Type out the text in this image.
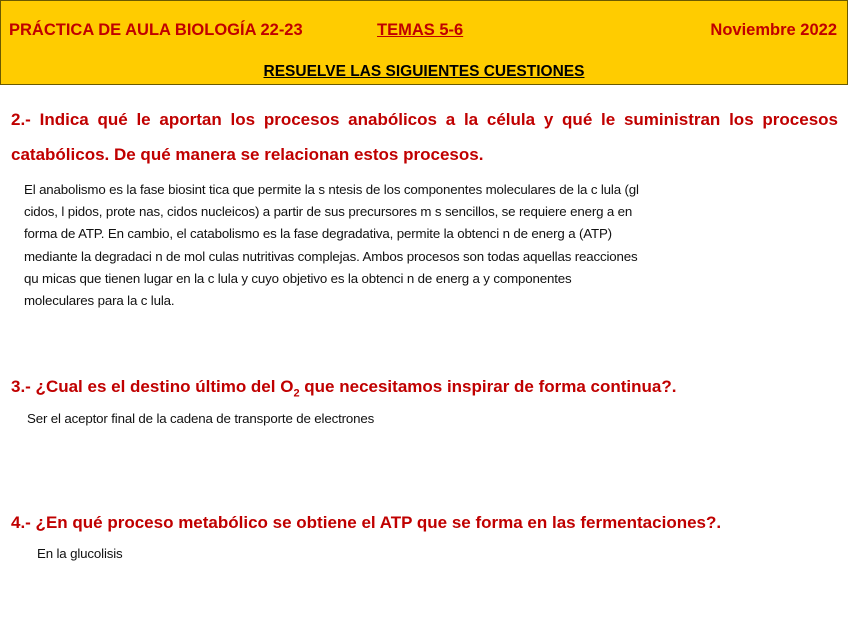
PRÁCTICA DE AULA BIOLOGÍA 22-23	TEMAS 5-6	Noviembre 2022
RESUELVE LAS SIGUIENTES CUESTIONES
2.- Indica qué le aportan los procesos anabólicos a la célula y qué le suministran los procesos catabólicos. De qué manera se relacionan estos procesos.
El anabolismo es la fase biosint tica que permite la s ntesis de los componentes moleculares de la c lula (gl cidos, l pidos, prote nas, cidos nucleicos) a partir de sus precursores m s sencillos, se requiere energ a en forma de ATP. En cambio, el catabolismo es la fase degradativa, permite la obtenci n de energ a (ATP) mediante la degradaci n de mol culas nutritivas complejas. Ambos procesos son todas aquellas reacciones qu micas que tienen lugar en la c lula y cuyo objetivo es la obtenci n de energ a y componentes moleculares para la c lula.
3.- ¿Cual es el destino último del $O_2$ que necesitamos inspirar de forma continua?.
Ser el aceptor final de la cadena de transporte de electrones
4.- ¿En qué proceso metabólico se obtiene el ATP que se forma en las fermentaciones?.
En la glucolisis
